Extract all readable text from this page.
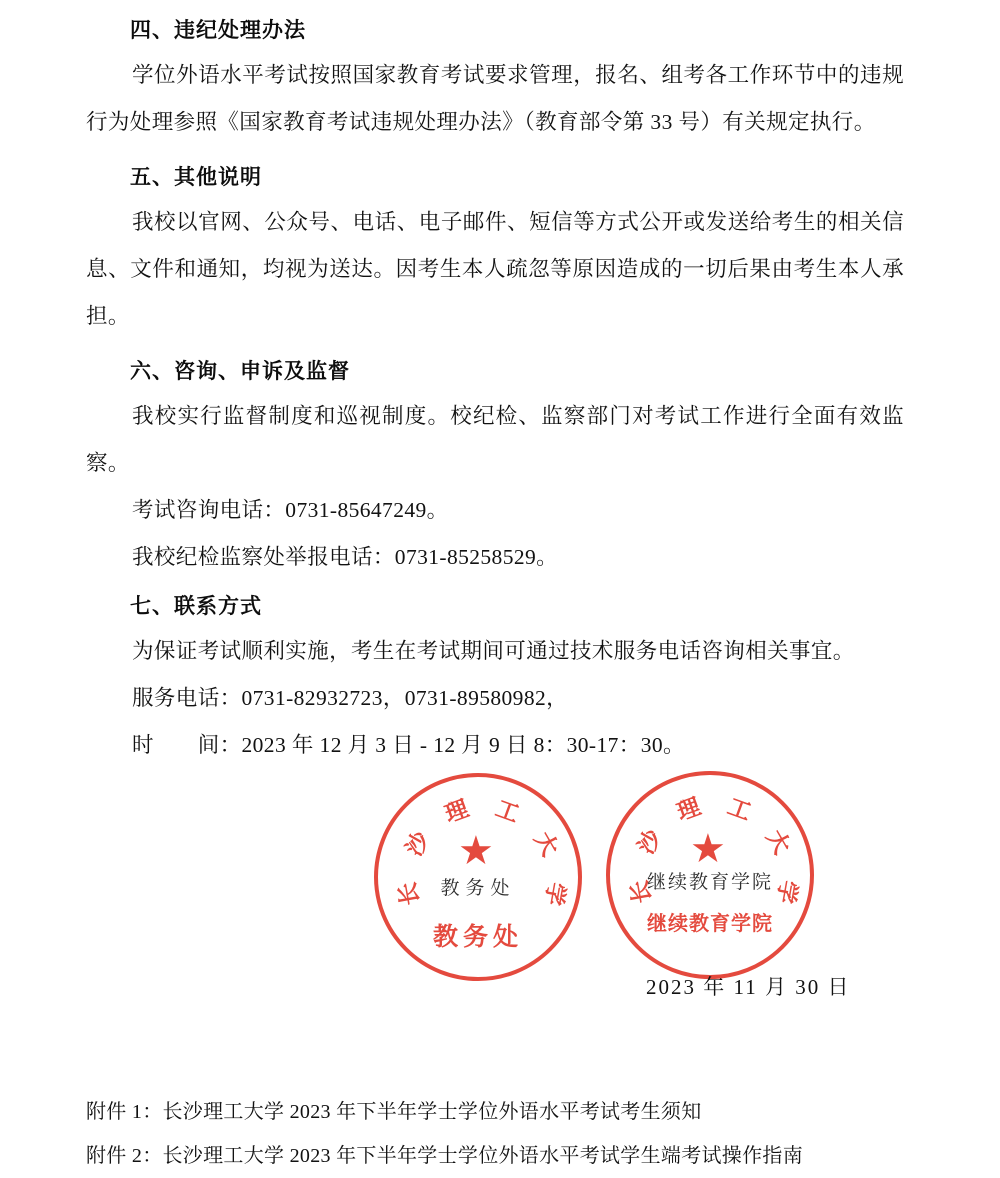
四、违纪处理办法

学位外语水平考试按照国家教育考试要求管理，报名、组考各工作环节中的违规行为处理参照《国家教育考试违规处理办法》（教育部令第 33 号）有关规定执行。

五、其他说明

我校以官网、公众号、电话、电子邮件、短信等方式公开或发送给考生的相关信息、文件和通知，均视为送达。因考生本人疏忽等原因造成的一切后果由考生本人承担。

六、咨询、申诉及监督

我校实行监督制度和巡视制度。校纪检、监察部门对考试工作进行全面有效监察。

考试咨询电话：0731-85647249。

我校纪检监察处举报电话：0731-85258529。

七、联系方式

为保证考试顺利实施，考生在考试期间可通过技术服务电话咨询相关事宜。

服务电话：0731-82932723，0731-89580982，

时　　间：2023 年 12 月 3 日 - 12 月 9 日 8：30-17：30。

长
沙
理 工
大
学
教务处
教务处
长
沙
理 工
大
学
继续教育学院
继续教育学院
2023 年 11 月 30 日
附件 1：长沙理工大学 2023 年下半年学士学位外语水平考试考生须知
附件 2：长沙理工大学 2023 年下半年学士学位外语水平考试学生端考试操作指南
